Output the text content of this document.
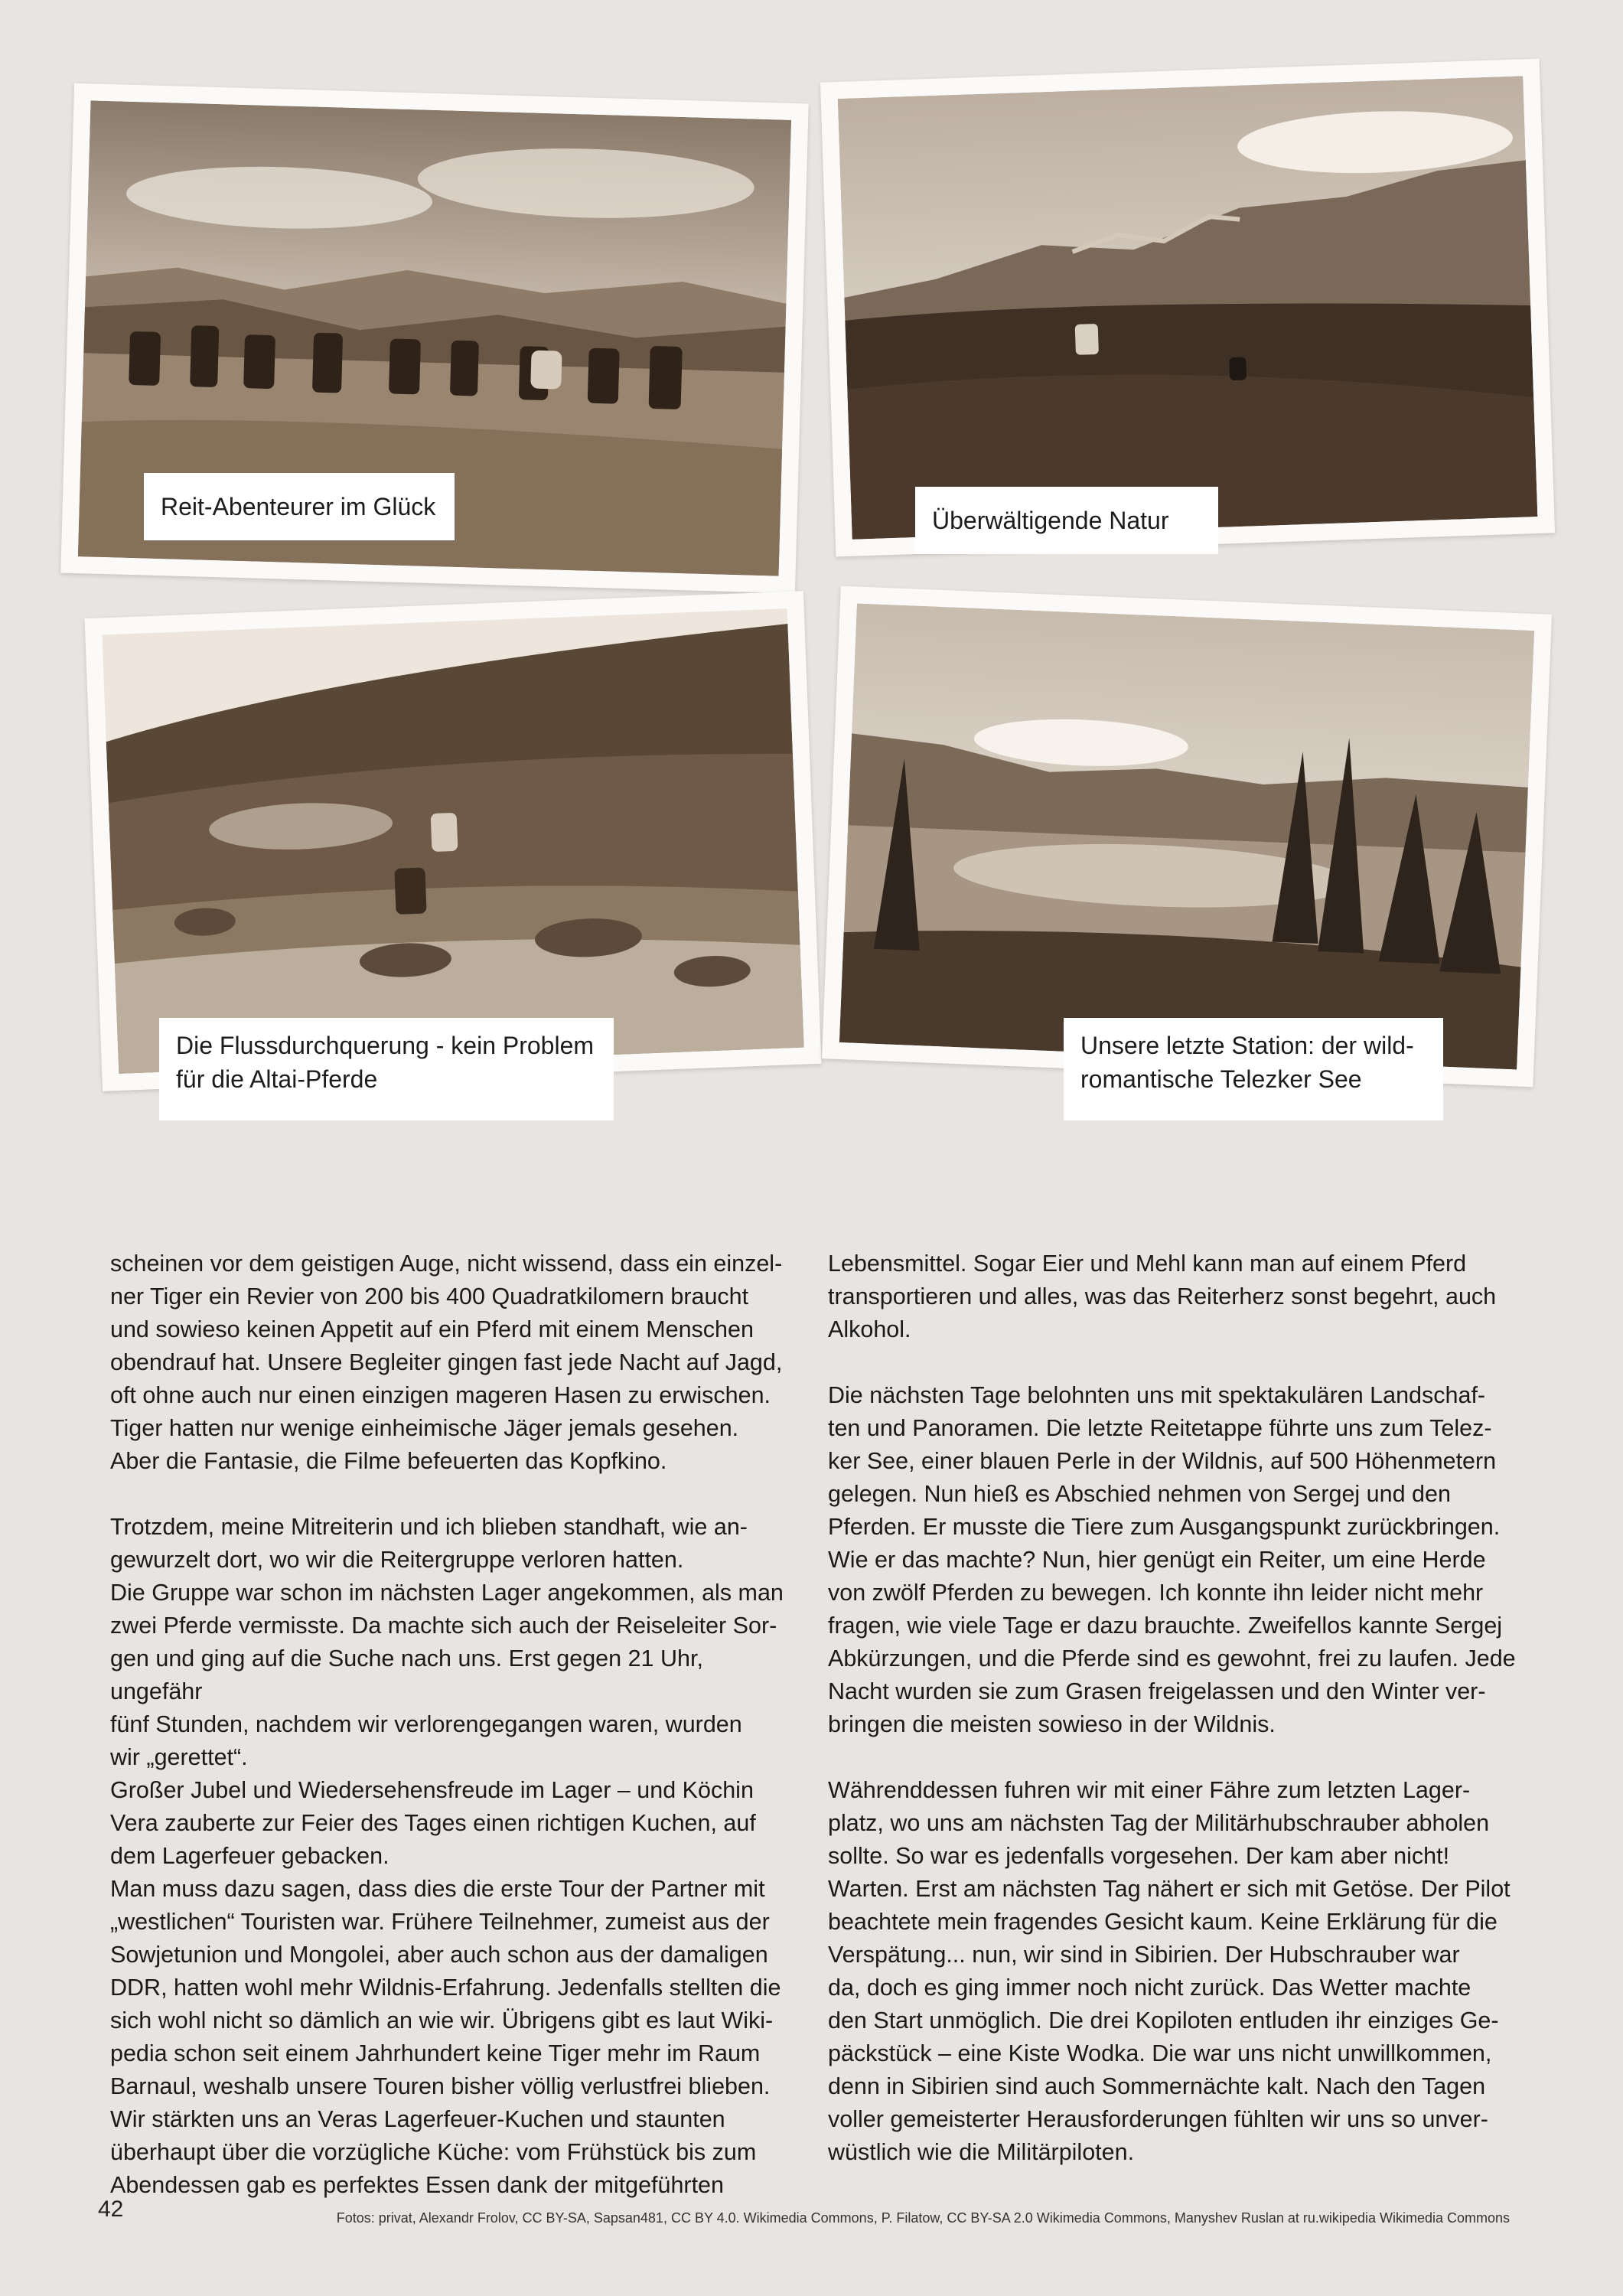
Reit-Abenteurer im Glück	Überwältigende Natur
Die Flussdurchquerung - kein Problem
für die Altai-Pferde
Unsere letzte Station: der wild-
romantische Telezker See

scheinen vor dem geistigen Auge, nicht wissend, dass ein einzel-
ner Tiger ein Revier von 200 bis 400 Quadratkilomern braucht
und sowieso keinen Appetit auf ein Pferd mit einem Menschen
obendrauf hat. Unsere Begleiter gingen fast jede Nacht auf Jagd,
oft ohne auch nur einen einzigen mageren Hasen zu erwischen.
Tiger hatten nur wenige einheimische Jäger jemals gesehen.
Aber die Fantasie, die Filme befeuerten das Kopfkino.

Trotzdem, meine Mitreiterin und ich blieben standhaft, wie an-
gewurzelt dort, wo wir die Reitergruppe verloren hatten.
Die Gruppe war schon im nächsten Lager angekommen, als man
zwei Pferde vermisste. Da machte sich auch der Reiseleiter Sor-
gen und ging auf die Suche nach uns. Erst gegen 21 Uhr, ungefähr
fünf Stunden, nachdem wir verlorengegangen waren, wurden
wir „gerettet“.
Großer Jubel und Wiedersehensfreude im Lager – und Köchin
Vera zauberte zur Feier des Tages einen richtigen Kuchen, auf
dem Lagerfeuer gebacken.
Man muss dazu sagen, dass dies die erste Tour der Partner mit
„westlichen“ Touristen war. Frühere Teilnehmer, zumeist aus der
Sowjetunion und Mongolei, aber auch schon aus der damaligen
DDR, hatten wohl mehr Wildnis-Erfahrung. Jedenfalls stellten die
sich wohl nicht so dämlich an wie wir. Übrigens gibt es laut Wiki-
pedia schon seit einem Jahrhundert keine Tiger mehr im Raum
Barnaul, weshalb unsere Touren bisher völlig verlustfrei blieben.
Wir stärkten uns an Veras Lagerfeuer-Kuchen und staunten
überhaupt über die vorzügliche Küche: vom Frühstück bis zum
Abendessen gab es perfektes Essen dank der mitgeführten

Lebensmittel. Sogar Eier und Mehl kann man auf einem Pferd
transportieren und alles, was das Reiterherz sonst begehrt, auch
Alkohol.

Die nächsten Tage belohnten uns mit spektakulären Landschaf-
ten und Panoramen. Die letzte Reitetappe führte uns zum Telez-
ker See, einer blauen Perle in der Wildnis, auf 500 Höhenmetern
gelegen. Nun hieß es Abschied nehmen von Sergej und den
Pferden. Er musste die Tiere zum Ausgangspunkt zurückbringen.
Wie er das machte? Nun, hier genügt ein Reiter, um eine Herde
von zwölf Pferden zu bewegen. Ich konnte ihn leider nicht mehr
fragen, wie viele Tage er dazu brauchte. Zweifellos kannte Sergej
Abkürzungen, und die Pferde sind es gewohnt, frei zu laufen. Jede
Nacht wurden sie zum Grasen freigelassen und den Winter ver-
bringen die meisten sowieso in der Wildnis.

Währenddessen fuhren wir mit einer Fähre zum letzten Lager-
platz, wo uns am nächsten Tag der Militärhubschrauber abholen
sollte. So war es jedenfalls vorgesehen. Der kam aber nicht!
Warten. Erst am nächsten Tag nähert er sich mit Getöse. Der Pilot
beachtete mein fragendes Gesicht kaum. Keine Erklärung für die
Verspätung... nun, wir sind in Sibirien. Der Hubschrauber war
da, doch es ging immer noch nicht zurück. Das Wetter machte
den Start unmöglich. Die drei Kopiloten entluden ihr einziges Ge-
päckstück – eine Kiste Wodka. Die war uns nicht unwillkommen,
denn in Sibirien sind auch Sommernächte kalt. Nach den Tagen
voller gemeisterter Herausforderungen fühlten wir uns so unver-
wüstlich wie die Militärpiloten.

42	Fotos: privat, Alexandr Frolov, CC BY-SA, Sapsan481, CC BY 4.0. Wikimedia Commons, P. Filatow, CC BY-SA 2.0 Wikimedia Commons, Manyshev Ruslan at ru.wikipedia Wikimedia Commons
